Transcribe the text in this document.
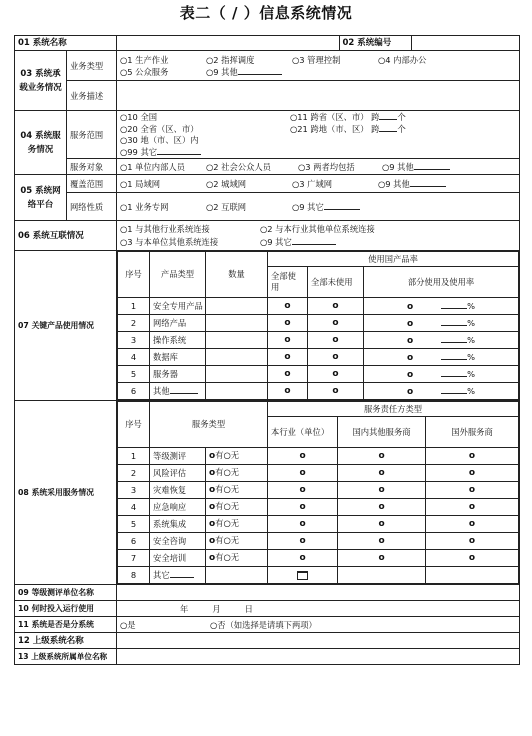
表二（ / ）信息系统情况
01 系统名称	
		02 系统编号	

03 系统承载业务情况	业务类型	
○1 生产作业	○2 指挥调度	○3 管理控制	○4 内部办公
○5 公众服务	○9 其他

业务描述	
04 系统服务情况	服务范围	
○10 全国	○11 跨省（区、市） 跨 个
○20 全省（区、市）	○21 跨地（市、区） 跨 个
○30 地（市、区）内
○99 其它

服务对象	○1 单位内部人员	○2 社会公众人员	○3 两者均包括	○9 其他
05 系统网络平台	覆盖范围	○1 局域网	○2 城域网	○3 广域网	○9 其他
网络性质	○1 业务专网	○2 互联网	○9 其它
06 系统互联情况	
○1 与其他行业系统连接	○2 与本行业其他单位系统连接
○3 与本单位其他系统连接	○9 其它

07 关键产品使用情况	
序号	产品类型	数量	使用国产品率
全部使用	全部未使用	部分使用及使用率
1	安全专用产品		o	o	o	%
2	网络产品		o	o	o	%
3	操作系统		o	o	o	%
4	数据库		o	o	o	%
5	服务器		o	o	o	%
6	其他		o	o	o	%

08 系统采用服务情况	
序号	服务类型	服务责任方类型
本行业（单位）	国内其他服务商	国外服务商
1	等级测评	o有○无	o	o	o
2	风险评估	o有○无	o	o	o
3	灾难恢复	o有○无	o	o	o
4	应急响应	o有○无	o	o	o
5	系统集成	o有○无	o	o	o
6	安全咨询	o有○无	o	o	o
7	安全培训	o有○无	o	o	o
8	其它				

09 等级测评单位名称	
10 何时投入运行使用	年	月	日
11 系统是否是分系统	○是	○否（如选择是请填下两项）
12 上级系统名称	
13 上级系统所属单位名称	
